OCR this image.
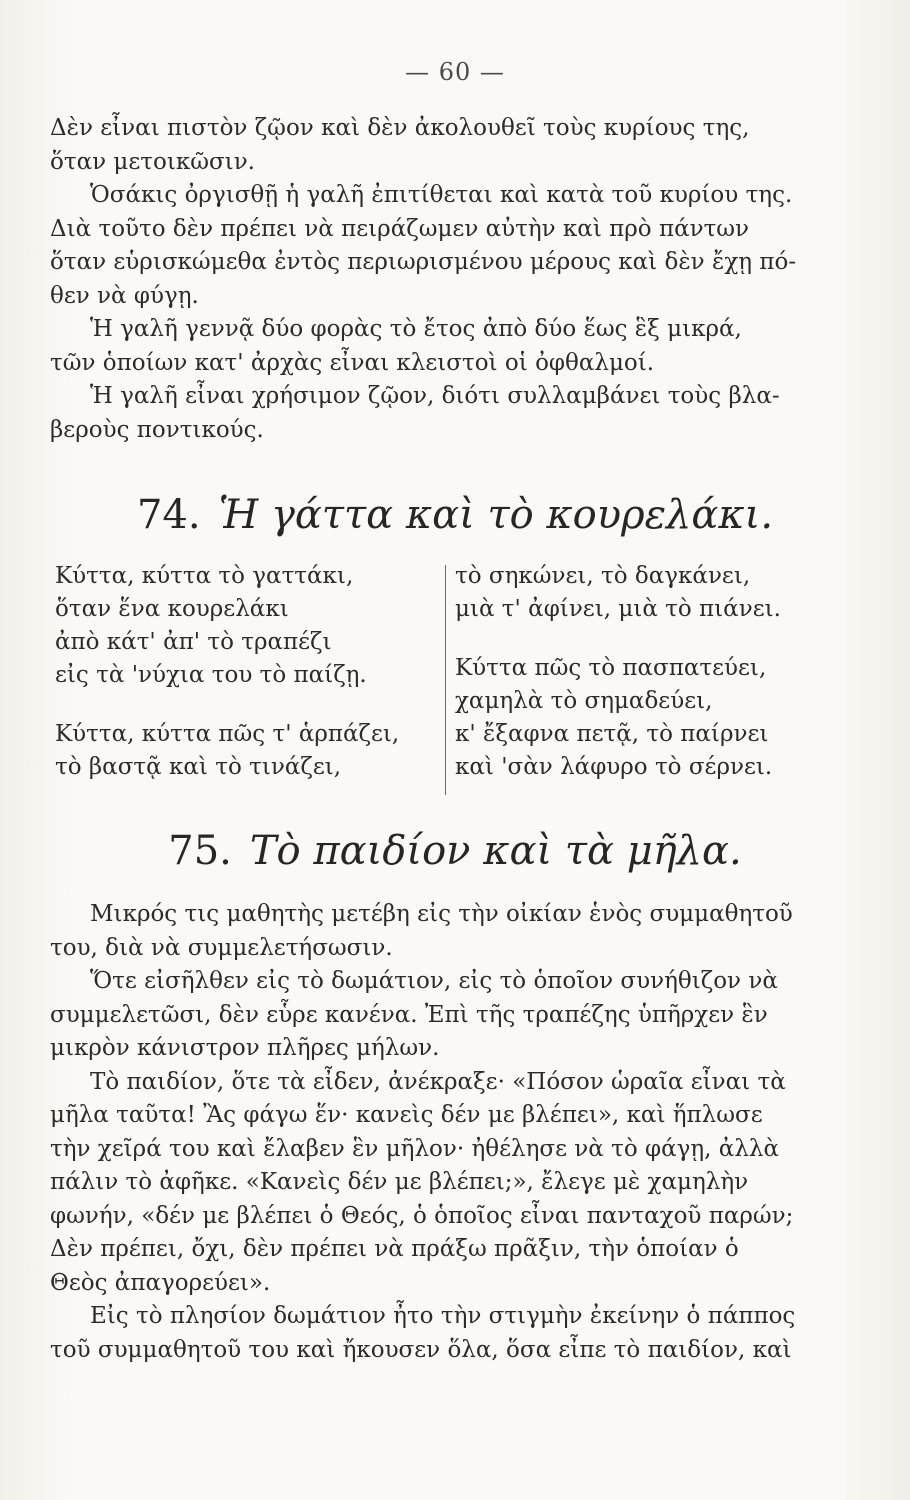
— 60 —

Δὲν εἶναι πιστὸν ζῷον καὶ δὲν ἀκολουθεῖ τοὺς κυρίους της,
ὅταν μετοικῶσιν.

Ὁσάκις ὀργισθῇ ἡ γαλῆ ἐπιτίθεται καὶ κατὰ τοῦ κυρίου της.
Διὰ τοῦτο δὲν πρέπει νὰ πειράζωμεν αὐτὴν καὶ πρὸ πάντων
ὅταν εὑρισκώμεθα ἐντὸς περιωρισμένου μέρους καὶ δὲν ἔχῃ πό-
θεν νὰ φύγῃ.

Ἡ γαλῆ γεννᾷ δύο φορὰς τὸ ἔτος ἀπὸ δύο ἕως ἓξ μικρά,
τῶν ὁποίων κατ' ἀρχὰς εἶναι κλειστοὶ οἱ ὀφθαλμοί.

Ἡ γαλῆ εἶναι χρήσιμον ζῷον, διότι συλλαμβάνει τοὺς βλα-
βεροὺς ποντικούς.

74. Ἡ γάττα καὶ τὸ κουρελάκι.
Κύττα, κύττα τὸ γαττάκι,
ὅταν ἕνα κουρελάκι
ἀπὸ κάτ' ἀπ' τὸ τραπέζι
εἰς τὰ 'νύχια του τὸ παίζῃ.
Κύττα, κύττα πῶς τ' ἁρπάζει,
τὸ βαστᾷ καὶ τὸ τινάζει,
τὸ σηκώνει, τὸ δαγκάνει,
μιὰ τ' ἀφίνει, μιὰ τὸ πιάνει.
Κύττα πῶς τὸ πασπατεύει,
χαμηλὰ τὸ σημαδεύει,
κ' ἔξαφνα πετᾷ, τὸ παίρνει
καὶ 'σὰν λάφυρο τὸ σέρνει.
75. Τὸ παιδίον καὶ τὰ μῆλα.

Μικρός τις μαθητὴς μετέβη εἰς τὴν οἰκίαν ἑνὸς συμμαθητοῦ
του, διὰ νὰ συμμελετήσωσιν.

Ὅτε εἰσῆλθεν εἰς τὸ δωμάτιον, εἰς τὸ ὁποῖον συνήθιζον νὰ
συμμελετῶσι, δὲν εὗρε κανένα. Ἐπὶ τῆς τραπέζης ὑπῆρχεν ἓν
μικρὸν κάνιστρον πλῆρες μήλων.

Τὸ παιδίον, ὅτε τὰ εἶδεν, ἀνέκραξε· «Πόσον ὡραῖα εἶναι τὰ
μῆλα ταῦτα! Ἂς φάγω ἕν· κανεὶς δέν με βλέπει», καὶ ἥπλωσε
τὴν χεῖρά του καὶ ἔλαβεν ἓν μῆλον· ἠθέλησε νὰ τὸ φάγῃ, ἀλλὰ
πάλιν τὸ ἀφῆκε. «Κανεὶς δέν με βλέπει;», ἔλεγε μὲ χαμηλὴν
φωνήν, «δέν με βλέπει ὁ Θεός, ὁ ὁποῖος εἶναι πανταχοῦ παρών;
Δὲν πρέπει, ὄχι, δὲν πρέπει νὰ πράξω πρᾶξιν, τὴν ὁποίαν ὁ
Θεὸς ἀπαγορεύει».

Εἰς τὸ πλησίον δωμάτιον ἦτο τὴν στιγμὴν ἐκείνην ὁ πάππος
τοῦ συμμαθητοῦ του καὶ ἤκουσεν ὅλα, ὅσα εἶπε τὸ παιδίον, καὶ
